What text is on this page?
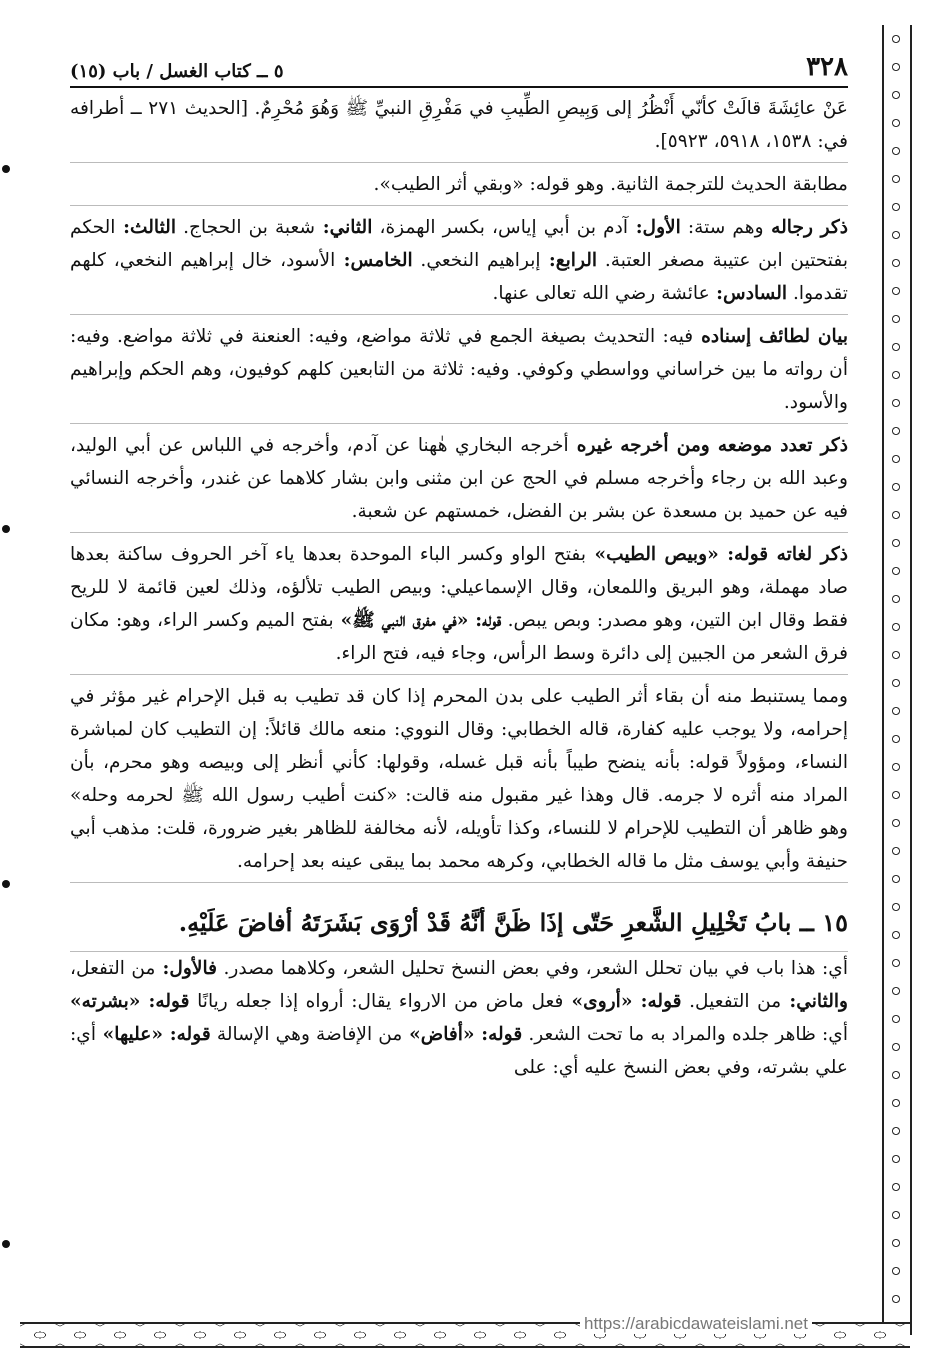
https://arabicdawateislami.net
٣٢٨
٥ ــ كتاب الغسل / باب (١٥)

عَنْ عائِشَةَ قالَتْ كأنّي أَنْظُرُ إلى وَبِيصِ الطِّيبِ في مَفْرِقِ النبيِّ ﷺ وَهُوَ مُحْرِمٌ. [الحديث ٢٧١ ــ أطرافه في: ١٥٣٨، ٥٩١٨، ٥٩٢٣].

مطابقة الحديث للترجمة الثانية. وهو قوله: «وبقي أثر الطيب».

ذكر رجاله وهم ستة: الأول: آدم بن أبي إياس، بكسر الهمزة، الثاني: شعبة بن الحجاج. الثالث: الحكم بفتحتين ابن عتيبة مصغر العتبة. الرابع: إبراهيم النخعي. الخامس: الأسود، خال إبراهيم النخعي، كلهم تقدموا. السادس: عائشة رضي الله تعالى عنها.

بيان لطائف إسناده فيه: التحديث بصيغة الجمع في ثلاثة مواضع، وفيه: العنعنة في ثلاثة مواضع. وفيه: أن رواته ما بين خراساني وواسطي وكوفي. وفيه: ثلاثة من التابعين كلهم كوفيون، وهم الحكم وإبراهيم والأسود.

ذكر تعدد موضعه ومن أخرجه غيره أخرجه البخاري هٰهنا عن آدم، وأخرجه في اللباس عن أبي الوليد، وعبد الله بن رجاء وأخرجه مسلم في الحج عن ابن مثنى وابن بشار كلاهما عن غندر، وأخرجه النسائي فيه عن حميد بن مسعدة عن بشر بن الفضل، خمستهم عن شعبة.

ذكر لغاته قوله: «وبيص الطيب» بفتح الواو وكسر الباء الموحدة بعدها ياء آخر الحروف ساكنة بعدها صاد مهملة، وهو البريق واللمعان، وقال الإسماعيلي: وبيص الطيب تلألؤه، وذلك لعين قائمة لا للريح فقط وقال ابن التين، وهو مصدر: وبص يبص. قوله: «في مفرق النبي ﷺ» بفتح الميم وكسر الراء، وهو: مكان فرق الشعر من الجبين إلى دائرة وسط الرأس، وجاء فيه، فتح الراء.

ومما يستنبط منه أن بقاء أثر الطيب على بدن المحرم إذا كان قد تطيب به قبل الإحرام غير مؤثر في إحرامه، ولا يوجب عليه كفارة، قاله الخطابي: وقال النووي: منعه مالك قائلاً: إن التطيب كان لمباشرة النساء، ومؤولاً قوله: بأنه ينضح طيباً بأنه قبل غسله، وقولها: كأني أنظر إلى وبيصه وهو محرم، بأن المراد منه أثره لا جرمه. قال وهذا غير مقبول منه قالت: «كنت أطيب رسول الله ﷺ لحرمه وحله» وهو ظاهر أن التطيب للإحرام لا للنساء، وكذا تأويله، لأنه مخالفة للظاهر بغير ضرورة، قلت: مذهب أبي حنيفة وأبي يوسف مثل ما قاله الخطابي، وكرهه محمد بما يبقى عينه بعد إحرامه.

١٥ ــ بابُ تَخْلِيلِ الشَّعرِ حَتّى إذَا ظَنَّ أنَّهُ قَدْ أرْوَى بَشَرَتَهُ أفاضَ عَلَيْهِ.

أي: هذا باب في بيان تحلل الشعر، وفي بعض النسخ تحليل الشعر، وكلاهما مصدر. فالأول: من التفعل، والثاني: من التفعيل. قوله: «أروى» فعل ماض من الارواء يقال: أرواه إذا جعله ريانًا قوله: «بشرته» أي: ظاهر جلده والمراد به ما تحت الشعر. قوله: «أفاض» من الإفاضة وهي الإسالة قوله: «عليها» أي: علي بشرته، وفي بعض النسخ عليه أي: على
